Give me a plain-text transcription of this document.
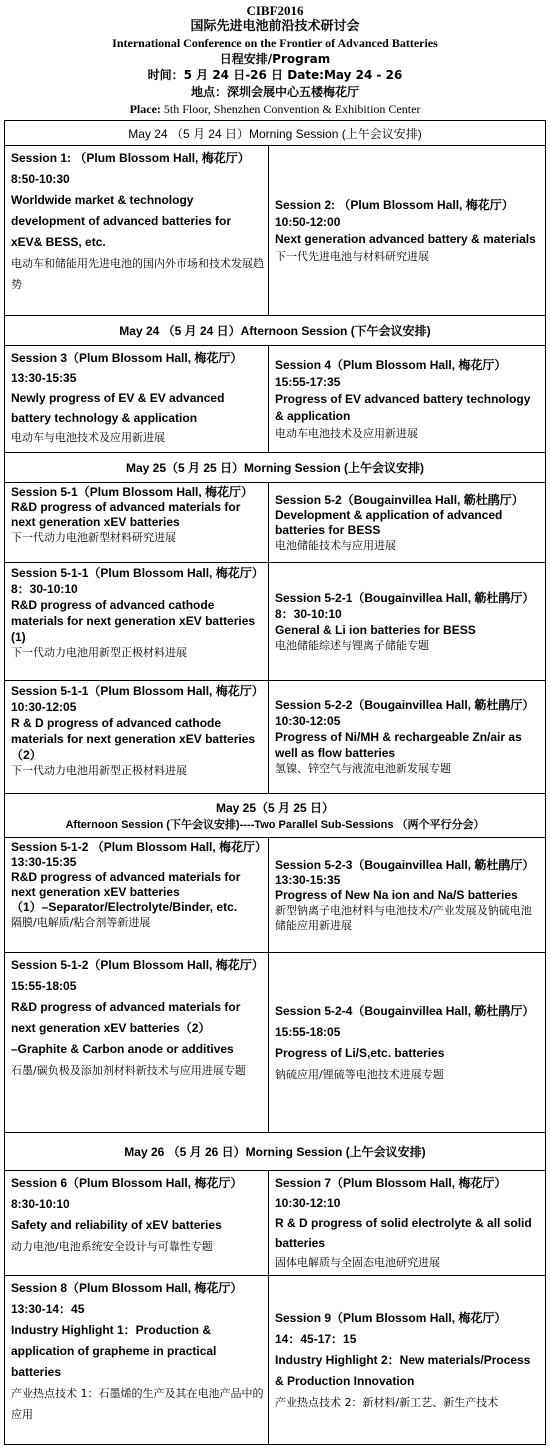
CIBF2016
国际先进电池前沿技术研讨会
International Conference on the Frontier of Advanced Batteries
日程安排/Program
时间：5 月 24 日-26 日 Date:May 24 - 26
地点：深圳会展中心五楼梅花厅
Place: 5th Floor, Shenzhen Convention & Exhibition Center
May 24 （5 月 24 日）Morning Session (上午会议安排)
Session 1: （Plum Blossom Hall, 梅花厅）
8:50-10:30
Worldwide market & technology development of advanced batteries for xEV& BESS, etc.
电动车和储能用先进电池的国内外市场和技术发展趋势
Session 2: （Plum Blossom Hall, 梅花厅）
10:50-12:00
Next generation advanced battery & materials
下一代先进电池与材料研究进展
May 24 （5 月 24 日）Afternoon Session (下午会议安排)
Session 3（Plum Blossom Hall, 梅花厅）
13:30-15:35
Newly progress of EV & EV advanced battery technology & application
电动车与电池技术及应用新进展
Session 4（Plum Blossom Hall, 梅花厅）
15:55-17:35
Progress of EV advanced battery technology & application
电动车电池技术及应用新进展
May 25（5 月 25 日）Morning Session (上午会议安排)
Session 5-1（Plum Blossom Hall, 梅花厅）
R&D progress of advanced materials for next generation xEV batteries
下一代动力电池新型材料研究进展
Session 5-2（Bougainvillea Hall, 簕杜鹃厅）
Development & application of advanced batteries for BESS
电池储能技术与应用进展
Session 5-1-1（Plum Blossom Hall, 梅花厅）
8：30-10:10
R&D progress of advanced cathode materials for next generation xEV batteries (1)
下一代动力电池用新型正极材料进展
Session 5-2-1（Bougainvillea Hall, 簕杜鹃厅）
8：30-10:10
General & Li ion batteries for BESS
电池储能综述与锂离子储能专题
Session 5-1-1（Plum Blossom Hall, 梅花厅）
10:30-12:05
R & D progress of advanced cathode materials for next generation xEV batteries （2）
下一代动力电池用新型正极材料进展
Session 5-2-2（Bougainvillea Hall, 簕杜鹃厅）
10:30-12:05
Progress of Ni/MH & rechargeable Zn/air as well as flow batteries
氢镍、锌空气与液流电池新发展专题
May 25（5 月 25 日）
Afternoon Session (下午会议安排)----Two Parallel Sub-Sessions （两个平行分会）
Session 5-1-2 （Plum Blossom Hall, 梅花厅）
13:30-15:35
R&D progress of advanced materials for next generation xEV batteries
（1）–Separator/Electrolyte/Binder, etc.
隔膜/电解质/粘合剂等新进展
Session 5-2-3（Bougainvillea Hall, 簕杜鹃厅）
13:30-15:35
Progress of New Na ion and Na/S batteries
新型钠离子电池材料与电池技术/产业发展及钠硫电池储能应用新进展
Session 5-1-2（Plum Blossom Hall, 梅花厅）
15:55-18:05
R&D progress of advanced materials for next generation xEV batteries（2）
–Graphite & Carbon anode or additives
石墨/碳负极及添加剂材料新技术与应用进展专题
Session 5-2-4（Bougainvillea Hall, 簕杜鹃厅）
15:55-18:05
Progress of Li/S,etc. batteries
钠硫应用/锂硫等电池技术进展专题
May 26 （5 月 26 日）Morning Session (上午会议安排)
Session 6（Plum Blossom Hall, 梅花厅）
8:30-10:10
Safety and reliability of xEV batteries
动力电池/电池系统安全设计与可靠性专题
Session 7（Plum Blossom Hall, 梅花厅）
10:30-12:10
R & D progress of solid electrolyte & all solid batteries
固体电解质与全固态电池研究进展
Session 8（Plum Blossom Hall, 梅花厅）
13:30-14：45
Industry Highlight 1：Production & application of grapheme in practical batteries
产业热点技术 1：石墨烯的生产及其在电池产品中的应用
Session 9（Plum Blossom Hall, 梅花厅）
14：45-17：15
Industry Highlight 2：New materials/Process & Production Innovation
产业热点技术 2：新材料/新工艺、新生产技术
